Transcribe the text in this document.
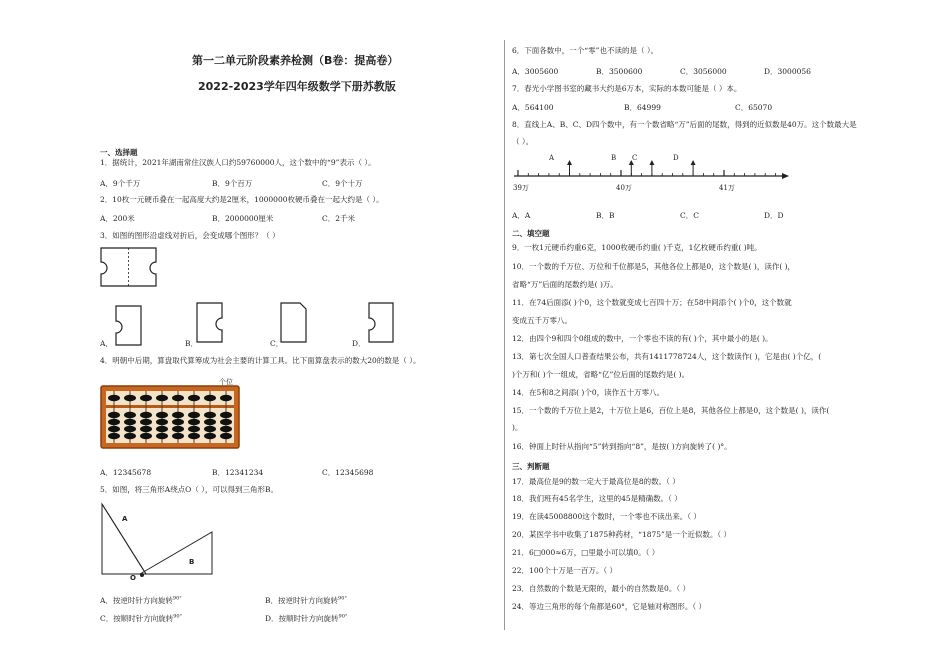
第一二单元阶段素养检测（B卷：提高卷）
2022-2023学年四年级数学下册苏教版
一、选择题
1．据统计，2021年湖南常住汉族人口约59760000人，这个数中的“9”表示（ ）。
A．9个千万	B．9个百万	C．9个十万
2．10枚一元硬币叠在一起高度大约是2厘米，1000000枚硬币叠在一起大约是（ ）。
A．200米	B．2000000厘米	C．2千米
3．如图的图形沿虚线对折后，会变成哪个图形？（ ）
A．	B．	C．	D．
4．明朝中后期，算盘取代算筹成为社会主要的计算工具。比下面算盘表示的数大20的数是（ ）。
个位
A．12345678	B．12341234	C．12345698
5．如图，将三角形A绕点O（ ），可以得到三角形B。
A
B
O
A．按逆时针方向旋转$^{90^\circ}$	B．按逆时针方向旋转$^{90^\circ}$
C．按顺时针方向旋转$^{90^\circ}$	D．按顺时针方向旋转$^{90^\circ}$
6．下面各数中，一个“零”也不读的是（ ）。
A．3005600	B．3500600	C．3056000	D．3000056
7．春光小学图书室的藏书大约是6万本，实际的本数可能是（ ）本。
A．564100	B．64999	C．65070
8．直线上A、B、C、D四个数中，有一个数省略“万”后面的尾数，得到的近似数是40万。这个数最大是
（ ）。
A	B C	D
39万	40万	41万
A．A	B．B	C．C	D．D
二、填空题
9．一枚1元硬币约重6克，1000枚硬币约重( )千克，1亿枚硬币约重( )吨。
10．一个数的千万位、万位和千位都是5，其他各位上都是0，这个数是( )，读作( )，
省略“万”后面的尾数约是( )万。
11．在74后面添( )个0，这个数就变成七百四十万；在58中间添个( )个0，这个数就
变成五千万零八。
12．由四个9和四个0组成的数中，一个零也不读的有( )个，其中最小的是( )。
13．第七次全国人口普查结果公布，共有1411778724人，这个数读作( )，它是由( )个亿，(
)个万和( )个一组成，省略“亿”位后面的尾数约是( )。
14．在5和8之间添( )个0，读作五十万零八。
15．一个数的千万位上是2，十万位上是6，百位上是8，其他各位上都是0，这个数是( )，读作(
)。
16．钟面上时针从指向“5”转到指向“8”，是按( )方向旋转了( )°。
三、判断题
17．最高位是9的数一定大于最高位是8的数。（ ）
18．我们班有45名学生，这里的45是精确数。（ ）
19．在读45008800这个数时，一个零也不读出来。（ ）
20．某医学书中收集了1875种药材，“1875”是一个近似数。（ ）
21．6□000≈6万，□里最小可以填0。（ ）
22．100个十万是一百万。（ ）
23．自然数的个数是无限的，最小的自然数是0。（ ）
24．等边三角形的每个角都是60°，它是轴对称图形。（ ）
